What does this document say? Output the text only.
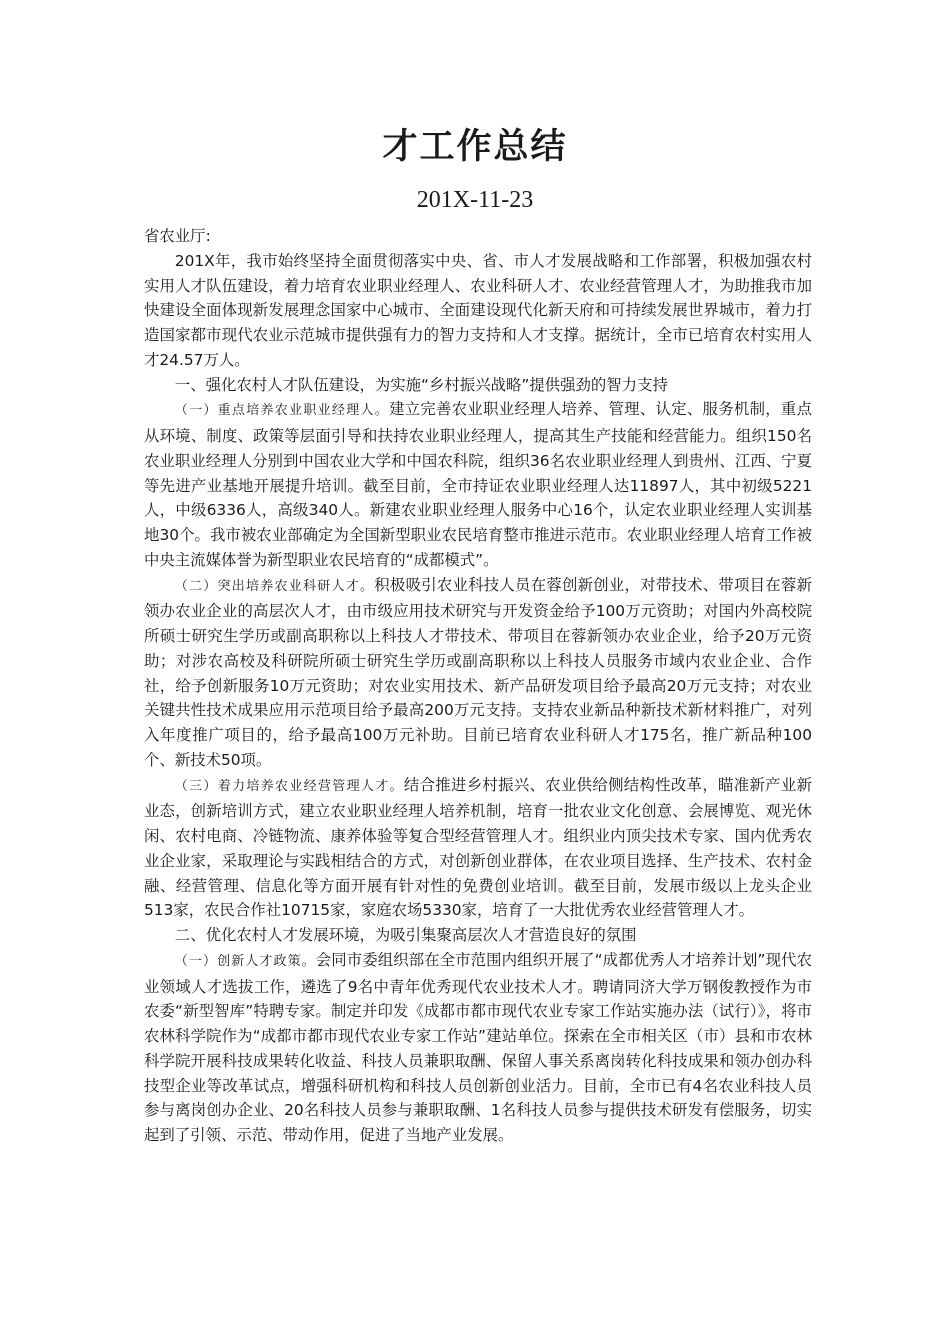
才工作总结
201X-11-23

省农业厅:

201X年，我市始终坚持全面贯彻落实中央、省、市人才发展战略和工作部署，积极加强农村实用人才队伍建设，着力培育农业职业经理人、农业科研人才、农业经营管理人才，为助推我市加快建设全面体现新发展理念国家中心城市、全面建设现代化新天府和可持续发展世界城市，着力打造国家都市现代农业示范城市提供强有力的智力支持和人才支撑。据统计，全市已培育农村实用人才24.57万人。

一、强化农村人才队伍建设，为实施“乡村振兴战略”提供强劲的智力支持

（一）重点培养农业职业经理人。建立完善农业职业经理人培养、管理、认定、服务机制，重点从环境、制度、政策等层面引导和扶持农业职业经理人，提高其生产技能和经营能力。组织150名农业职业经理人分别到中国农业大学和中国农科院，组织36名农业职业经理人到贵州、江西、宁夏等先进产业基地开展提升培训。截至目前，全市持证农业职业经理人达11897人，其中初级5221人，中级6336人，高级340人。新建农业职业经理人服务中心16个，认定农业职业经理人实训基地30个。我市被农业部确定为全国新型职业农民培育整市推进示范市。农业职业经理人培育工作被中央主流媒体誉为新型职业农民培育的“成都模式”。

（二）突出培养农业科研人才。积极吸引农业科技人员在蓉创新创业，对带技术、带项目在蓉新领办农业企业的高层次人才，由市级应用技术研究与开发资金给予100万元资助；对国内外高校院所硕士研究生学历或副高职称以上科技人才带技术、带项目在蓉新领办农业企业，给予20万元资助；对涉农高校及科研院所硕士研究生学历或副高职称以上科技人员服务市域内农业企业、合作社，给予创新服务10万元资助；对农业实用技术、新产品研发项目给予最高20万元支持；对农业关键共性技术成果应用示范项目给予最高200万元支持。支持农业新品种新技术新材料推广，对列入年度推广项目的，给予最高100万元补助。目前已培育农业科研人才175名，推广新品种100个、新技术50项。

（三）着力培养农业经营管理人才。结合推进乡村振兴、农业供给侧结构性改革，瞄准新产业新业态，创新培训方式，建立农业职业经理人培养机制，培育一批农业文化创意、会展博览、观光休闲、农村电商、冷链物流、康养体验等复合型经营管理人才。组织业内顶尖技术专家、国内优秀农业企业家，采取理论与实践相结合的方式，对创新创业群体，在农业项目选择、生产技术、农村金融、经营管理、信息化等方面开展有针对性的免费创业培训。截至目前，发展市级以上龙头企业513家，农民合作社10715家，家庭农场5330家，培育了一大批优秀农业经营管理人才。

二、优化农村人才发展环境，为吸引集聚高层次人才营造良好的氛围

（一）创新人才政策。会同市委组织部在全市范围内组织开展了“成都优秀人才培养计划”现代农业领域人才选拔工作，遴选了9名中青年优秀现代农业技术人才。聘请同济大学万钢俊教授作为市农委“新型智库”特聘专家。制定并印发《成都市都市现代农业专家工作站实施办法（试行）》，将市农林科学院作为“成都市都市现代农业专家工作站”建站单位。探索在全市相关区（市）县和市农林科学院开展科技成果转化收益、科技人员兼职取酬、保留人事关系离岗转化科技成果和领办创办科技型企业等改革试点，增强科研机构和科技人员创新创业活力。目前，全市已有4名农业科技人员参与离岗创办企业、20名科技人员参与兼职取酬、1名科技人员参与提供技术研发有偿服务，切实起到了引领、示范、带动作用，促进了当地产业发展。
